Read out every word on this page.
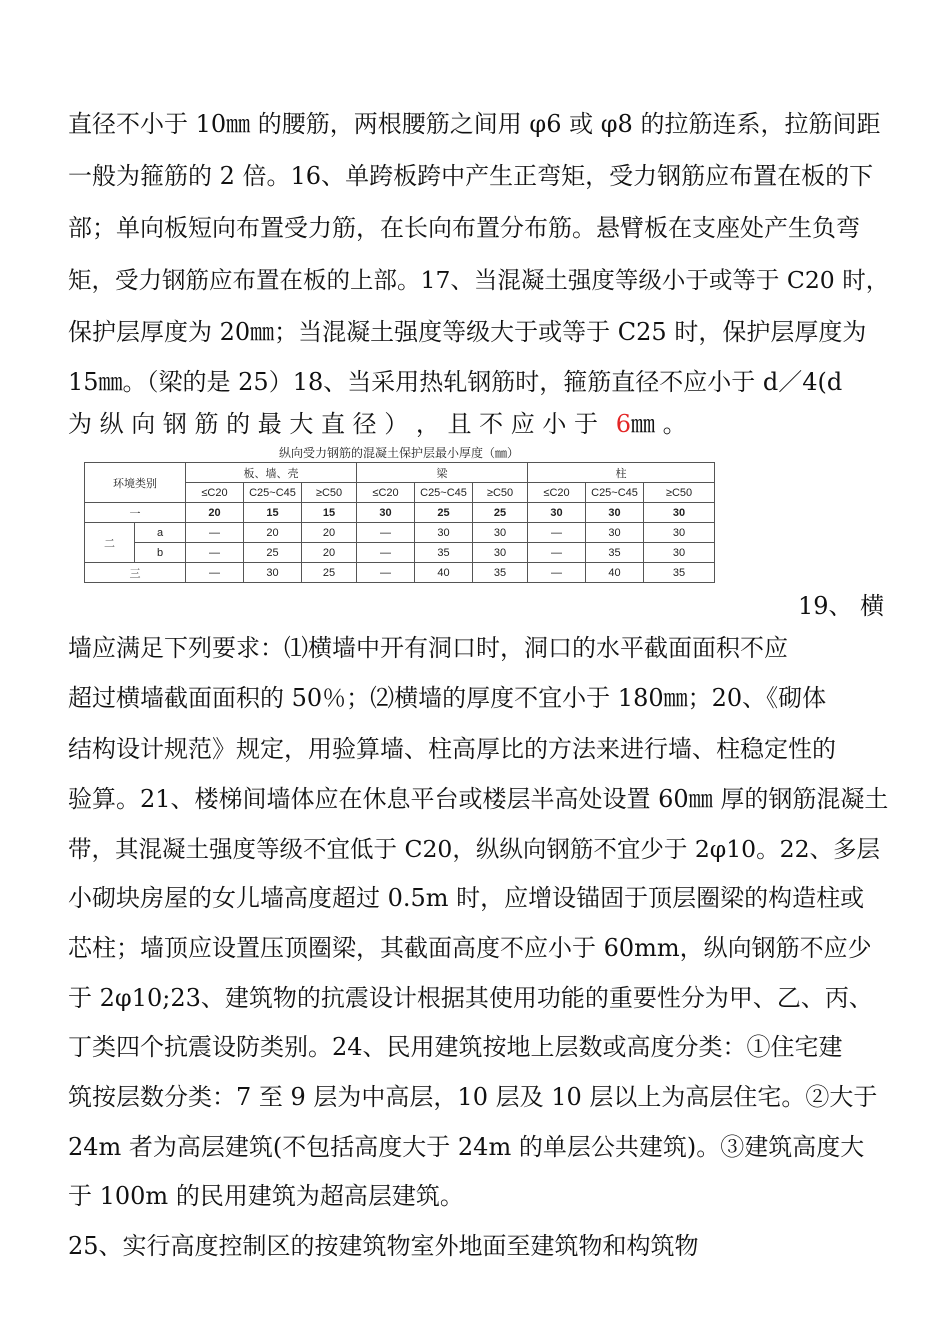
直径不小于 10㎜ 的腰筋，两根腰筋之间用 φ6 或 φ8 的拉筋连系，拉筋间距
一般为箍筋的 2 倍。16、单跨板跨中产生正弯矩，受力钢筋应布置在板的下
部；单向板短向布置受力筋，在长向布置分布筋。悬臂板在支座处产生负弯
矩，受力钢筋应布置在板的上部。17、当混凝土强度等级小于或等于 C20 时，
保护层厚度为 20㎜；当混凝土强度等级大于或等于 C25 时，保护层厚度为
15㎜。（梁的是 25）18、当采用热轧钢筋时，箍筋直径不应小于 d／4(d
为 纵 向 钢 筋 的 最 大 直 径 ） ， 且 不 应 小 于 6㎜ 。
纵向受力钢筋的混凝土保护层最小厚度（㎜）
环境类别		板、墙、壳			梁			柱		
		≤C20	C25~C45	≥C50	≤C20	C25~C45	≥C50	≤C20	C25~C45	≥C50
一		20	15	15	30	25	25	30	30	30
二	a	—	20	20	—	30	30	—	30	30
	b	—	25	20	—	35	30	—	35	30
三		—	30	25	—	40	35	—	40	35
19、 横
墙应满足下列要求：⑴横墙中开有洞口时，洞口的水平截面面积不应
超过横墙截面面积的 50％；⑵横墙的厚度不宜小于 180㎜；20、《砌体
结构设计规范》规定，用验算墙、柱高厚比的方法来进行墙、柱稳定性的
验算。21、楼梯间墙体应在休息平台或楼层半高处设置 60㎜ 厚的钢筋混凝土
带，其混凝土强度等级不宜低于 C20，纵纵向钢筋不宜少于 2φ10。22、多层
小砌块房屋的女儿墙高度超过 0.5m 时，应增设锚固于顶层圈梁的构造柱或
芯柱；墙顶应设置压顶圈梁，其截面高度不应小于 60mm，纵向钢筋不应少
于 2φ10;23、建筑物的抗震设计根据其使用功能的重要性分为甲、乙、丙、
丁类四个抗震设防类别。24、民用建筑按地上层数或高度分类：①住宅建
筑按层数分类：7 至 9 层为中高层，10 层及 10 层以上为高层住宅。②大于
24m 者为高层建筑(不包括高度大于 24m 的单层公共建筑)。③建筑高度大
于 100m 的民用建筑为超高层建筑。
25、实行高度控制区的按建筑物室外地面至建筑物和构筑物
